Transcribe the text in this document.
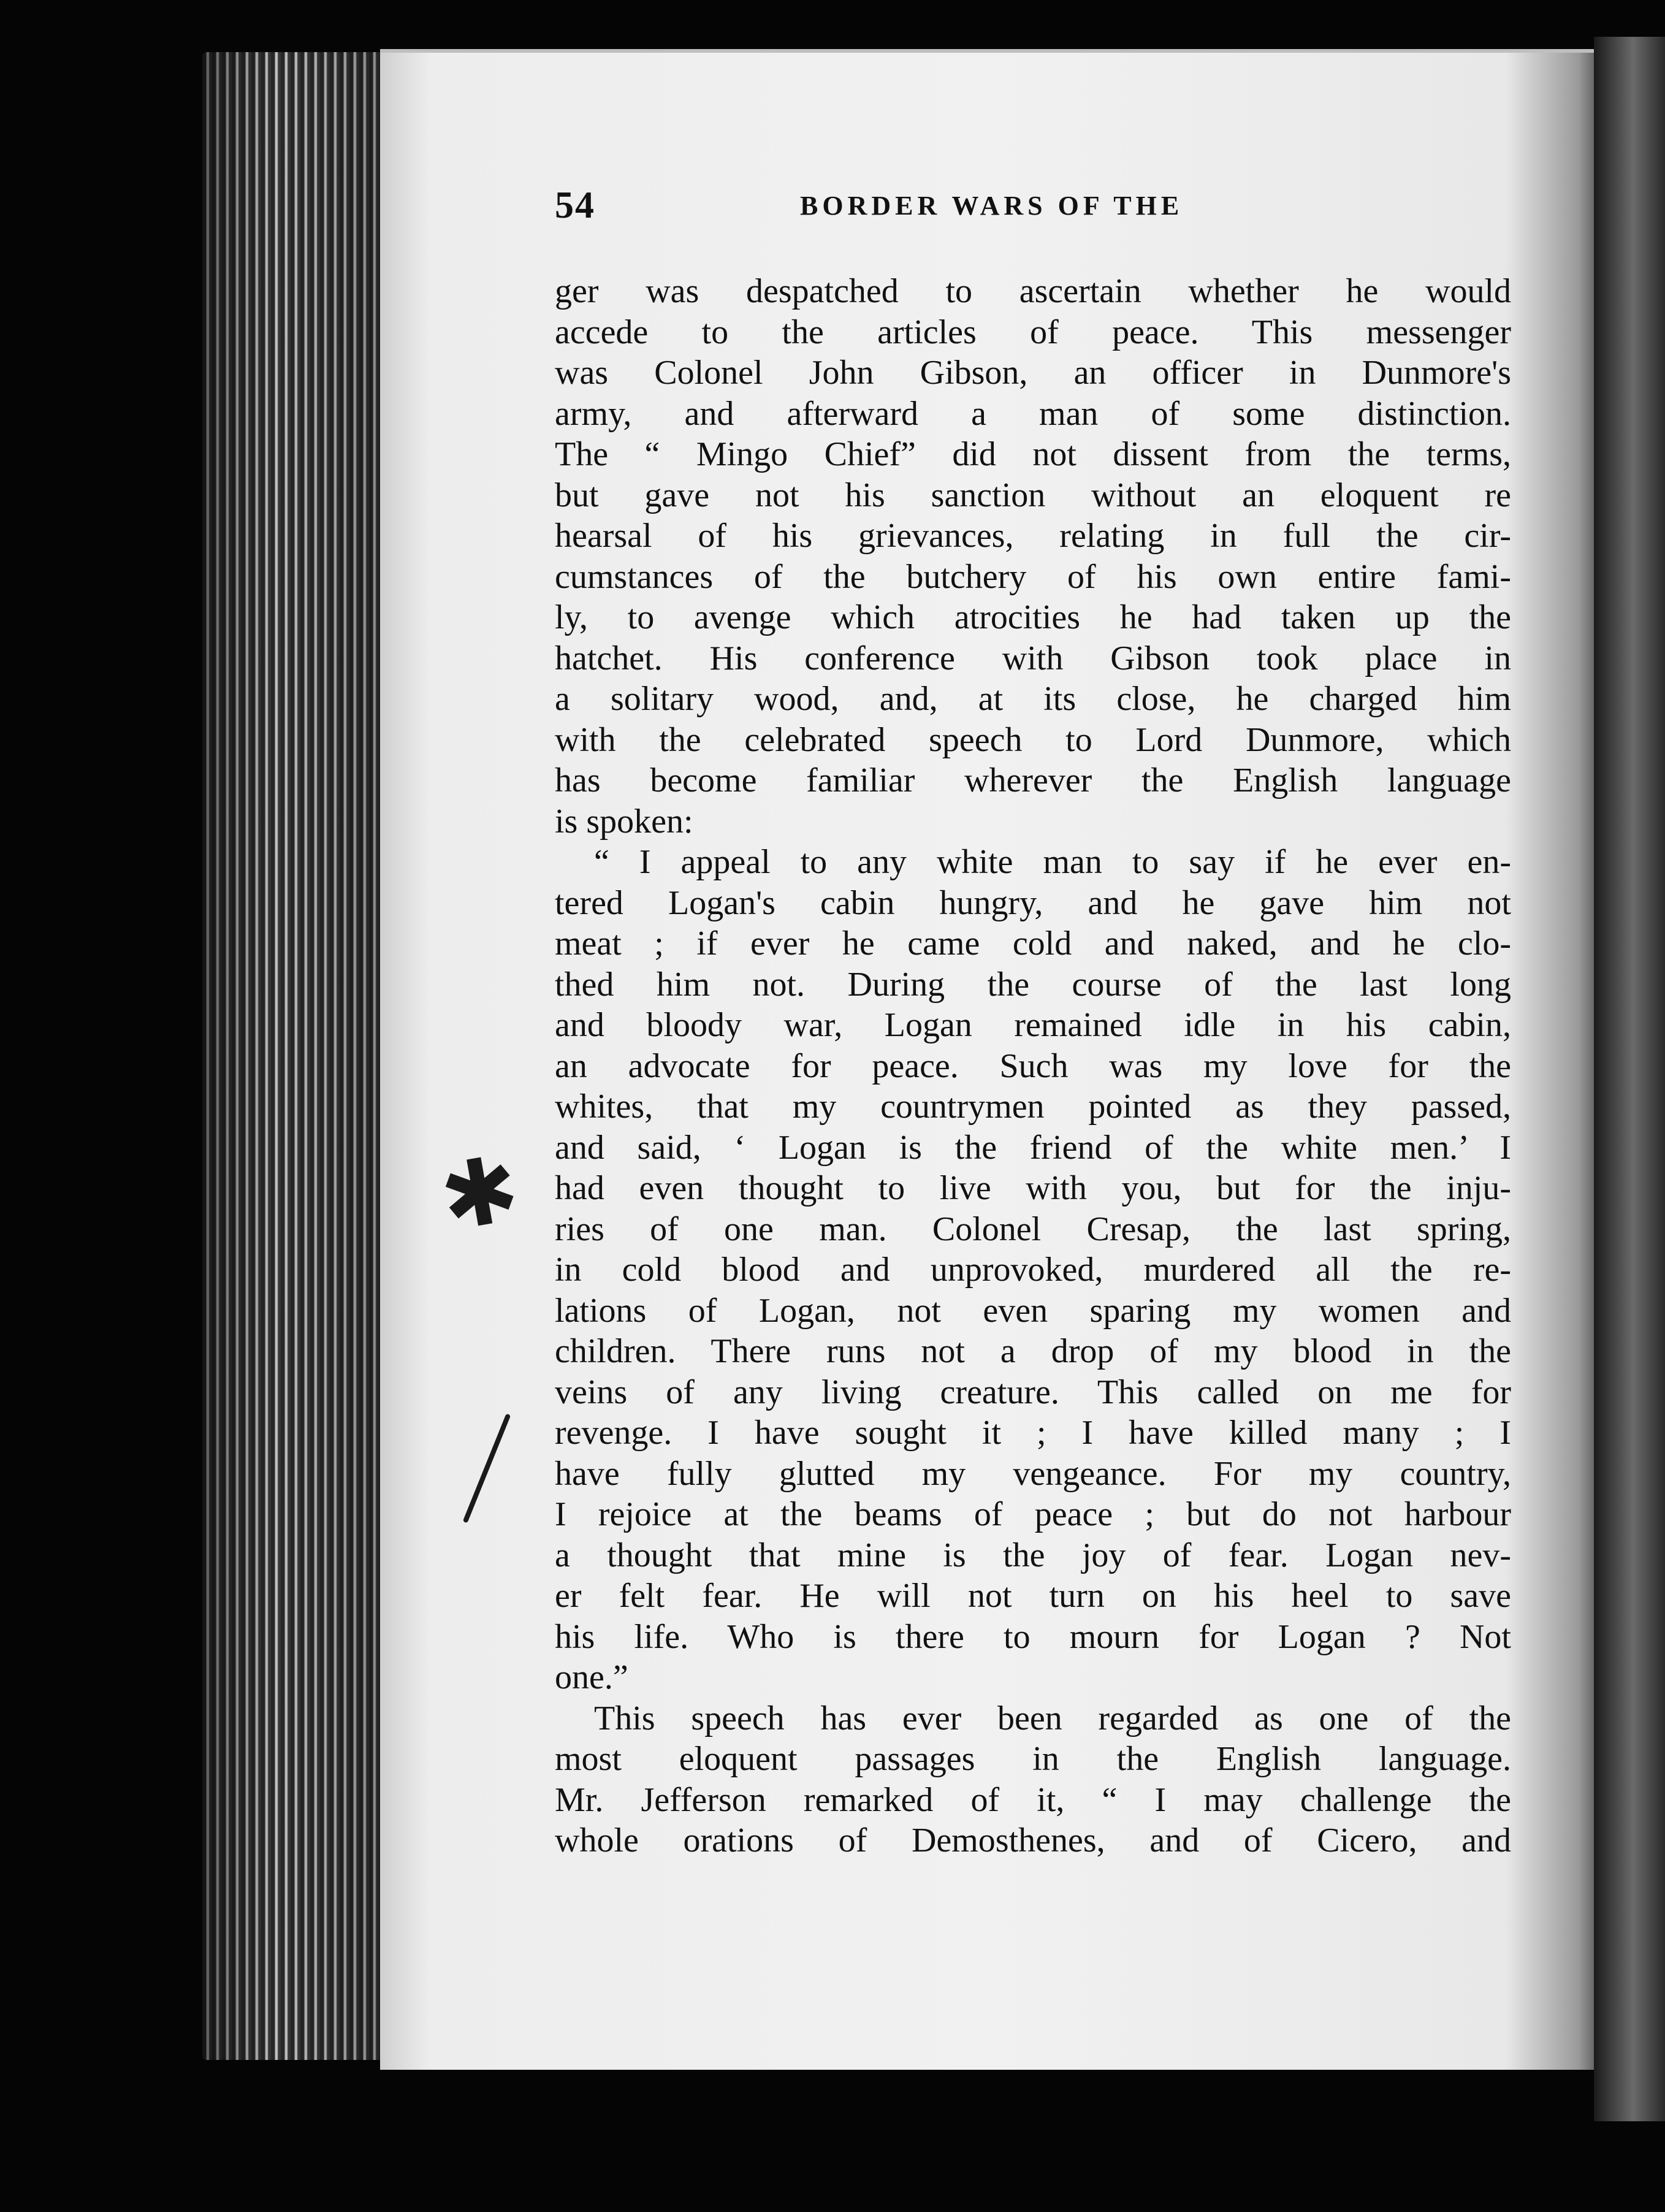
54	BORDER WARS OF THE
ger was despatched to ascertain whether he would
accede to the articles of peace. This messenger
was Colonel John Gibson, an officer in Dunmore's
army, and afterward a man of some distinction.
The “ Mingo Chief” did not dissent from the terms,
but gave not his sanction without an eloquent re
hearsal of his grievances, relating in full the cir-
cumstances of the butchery of his own entire fami-
ly, to avenge which atrocities he had taken up the
hatchet. His conference with Gibson took place in
a solitary wood, and, at its close, he charged him
with the celebrated speech to Lord Dunmore, which
has become familiar wherever the English language
is spoken:
“ I appeal to any white man to say if he ever en-
tered Logan's cabin hungry, and he gave him not
meat ; if ever he came cold and naked, and he clo-
thed him not. During the course of the last long
and bloody war, Logan remained idle in his cabin,
an advocate for peace. Such was my love for the
whites, that my countrymen pointed as they passed,
and said, ‘ Logan is the friend of the white men.’ I
had even thought to live with you, but for the inju-
ries of one man. Colonel Cresap, the last spring,
in cold blood and unprovoked, murdered all the re-
lations of Logan, not even sparing my women and
children. There runs not a drop of my blood in the
veins of any living creature. This called on me for
revenge. I have sought it ; I have killed many ; I
have fully glutted my vengeance. For my country,
I rejoice at the beams of peace ; but do not harbour
a thought that mine is the joy of fear. Logan nev-
er felt fear. He will not turn on his heel to save
his life. Who is there to mourn for Logan ? Not
one.”
This speech has ever been regarded as one of the
most eloquent passages in the English language.
Mr. Jefferson remarked of it, “ I may challenge the
whole orations of Demosthenes, and of Cicero, and
✱
